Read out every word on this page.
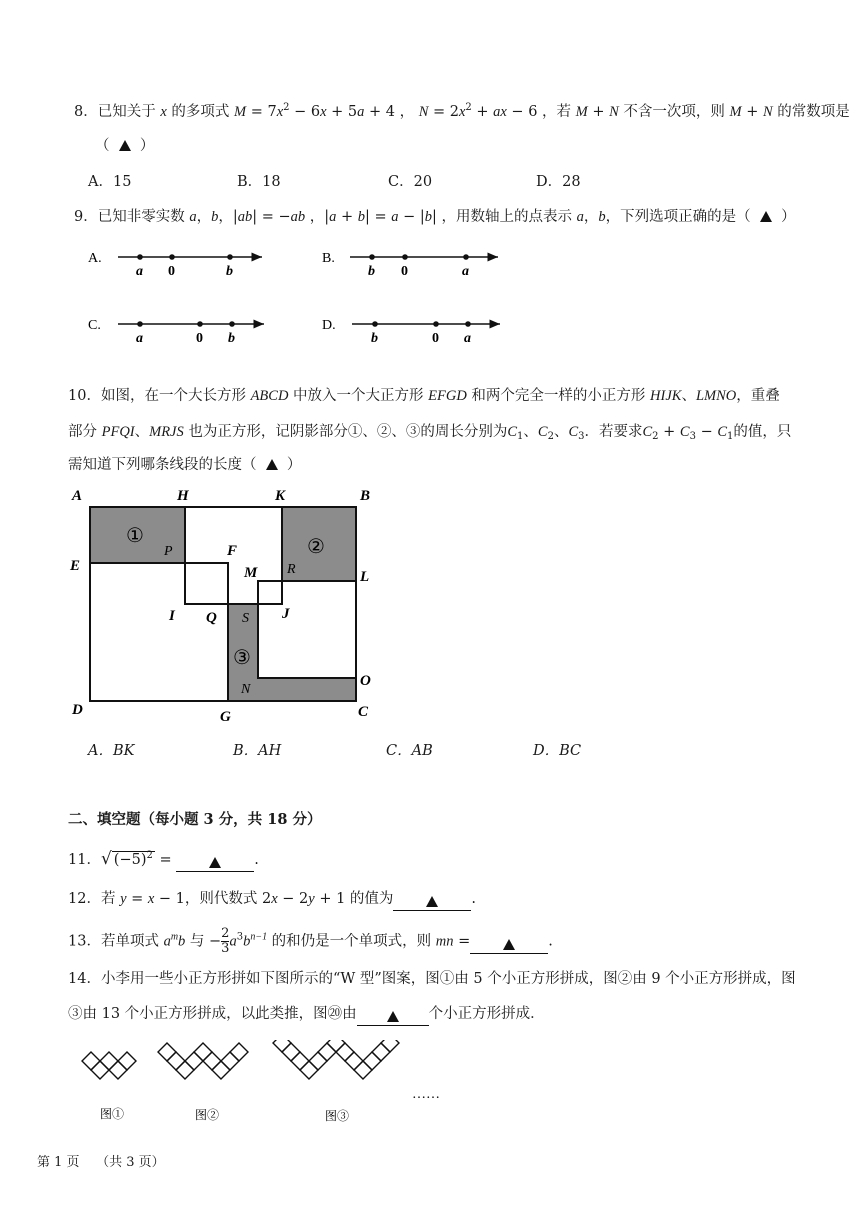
8．已知关于 x 的多项式 $M = 7x^2 - 6x + 5a + 4$ ， $N = 2x^2$ + ax − 6 ，若 M + N 不含一次项，则 M + N 的常数项是
（    ）
A．15	B．18	C．20	D．28
9．已知非零实数 a，b，|ab| = −ab ，|a + b| = a − |b| ，用数轴上的点表示 a，b，下列选项正确的是（    ）
A.
a 0	b
B.
b 0	a
C.
a	0 b
D.
b	0 a
10．如图，在一个大长方形 ABCD 中放入一个大正方形 EFGD 和两个完全一样的小正方形 HIJK、LMNO，重叠
部分 PFQI、MRJS 也为正方形，记阴影部分①、②、③的周长分别为$C_1$、$C_2$、$C_3$．若要求$C_2 + C_3 - C_1$的值，只
需知道下列哪条线段的长度（    ）
A	H	K	B
E
P	F
M R	L
I Q S J
O
D	G	C
N
①	②
③
A．BK	B．AH	C．AB	D．BC
二、填空题（每小题 3 分，共 18 分）
11．√ $(-5)^2$ =	.
12．若 y = x − 1，则代数式 2x − 2y + 1 的值为	.
13．若单项式 $a^mb$ 与 − $\frac{2}{3} a^3b^{n-1}$ 的和仍是一个单项式，则 mn =	.
14．小李用一些小正方形拼如下图所示的“W 型”图案，图①由 5 个小正方形拼成，图②由 9 个小正方形拼成，图
③由 13 个小正方形拼成，以此类推，图⑳由	个小正方形拼成．
图①	图②	图③
……
第 1 页    （共 3 页）
